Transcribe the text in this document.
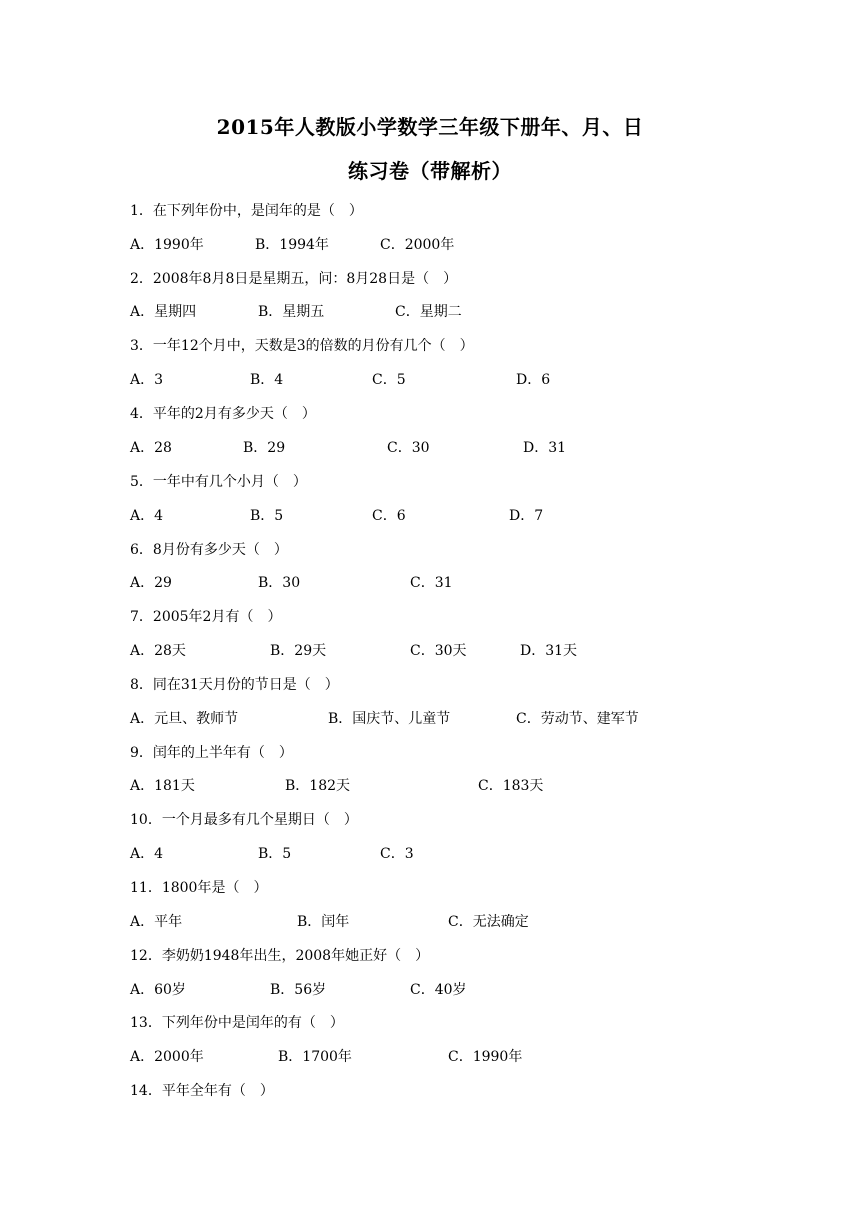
2015年人教版小学数学三年级下册年、月、日
练习卷（带解析）
1．在下列年份中，是闰年的是（　）
A．1990年	B．1994年	C．2000年
2．2008年8月8日是星期五，问：8月28日是（　）
A．星期四	B．星期五	C．星期二
3．一年12个月中，天数是3的倍数的月份有几个（　）
A．3	B．4	C．5	D．6
4．平年的2月有多少天（　）
A．28	B．29	C．30	D．31
5．一年中有几个小月（　）
A．4	B．5	C．6	D．7
6．8月份有多少天（　）
A．29	B．30	C．31
7．2005年2月有（　）
A．28天	B．29天	C．30天	D．31天
8．同在31天月份的节日是（　）
A．元旦、教师节	B．国庆节、儿童节	C．劳动节、建军节
9．闰年的上半年有（　）
A．181天	B．182天	C．183天
10．一个月最多有几个星期日（　）
A．4	B．5	C．3
11．1800年是（　）
A．平年	B．闰年	C．无法确定
12．李奶奶1948年出生，2008年她正好（　）
A．60岁	B．56岁	C．40岁
13．下列年份中是闰年的有（　）
A．2000年	B．1700年	C．1990年
14．平年全年有（　）
